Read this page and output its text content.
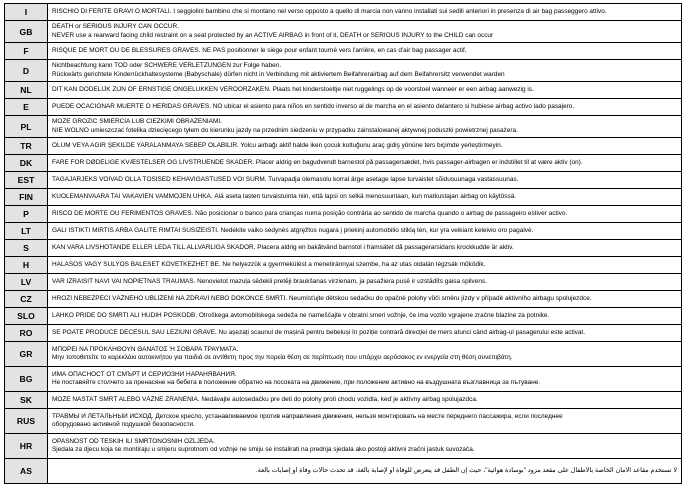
I	RISCHIO DI FERITE GRAVI O MORTALI. I seggiolini bambino che si montano nel verso opposto a quello di marcia non vanno installati sui sedili anteriori in presenza di air bag passeggero attivo.

GB	DEATH or SERIOUS INJURY CAN OCCUR.
NEVER use a rearward facing child restraint on a seat protected by an ACTIVE AIRBAG in front of it, DEATH or SERIOUS INJURY to the CHILD can occur

F	RISQUE DE MORT OU DE BLESSURES GRAVES. NE PAS positionner le siège pour enfant tourné vers l'arrière, en cas d'air bag passager actif.

D	Nichtbeachtung kann TOD oder SCHWERE VERLETZUNGEN zur Folge haben.
Rückwärts gerichtete Kinderrückhaltesysteme (Babyschale) dürfen nicht in Verbindung mit aktiviertem Beifahrerairbag auf dem Beifahrersitz verwendet warden

NL	DIT KAN DODELIJK ZIJN OF ERNSTIGE ONGELUKKEN VEROORZAKEN. Plaats het kinderstoeltje niet ruggelings op de voorstoel wanneer er een airbag aanwezig is.

E	PUEDE OCACIONAR MUERTE O HERIDAS GRAVES. NO ubicar el asiento para niños en sentido inverso al de marcha en el asiento delantero si hubiese airbag activo lado pasajero.

PL	MOŻE GROZIĆ ŚMIERCIA LUB CIEŻKIMI OBRAŻENIAMI.
NIE WOLNO umieszczać fotelika dziecięcego tyłem do kierunku jazdy na przednim siedzeniu w przypadku zainstalowanej aktywnej poduszki powietrznej pasażera.

TR	ÖLÜM VEYA AĞIR ŞEKİLDE YARALANMAYA SEBEP OLABİLİR. Yolcu airbağı aktif halde iken çocuk koltuğunu araç gidiş yönüne ters biçimde yerleştirmeyin.

DK	FARE FOR DØDELIGE KVÆSTELSER OG LIVSTRUENDE SKADER. Placer aldrig en bagudvendt barnestol på passagersædet, hvis passager-airbagen er indstillet til at være aktiv (on).

EST	TAGAJÄRJEKS VÕIVAD OLLA TÕSISED KEHAVIGASTUSED VÕI SURM. Turvapadja olemasolu korral ärge asetage lapse turvaistet sõidusuunaga vastassuunas.

FIN	KUOLEMANVAARA TAI VAKAVIEN VAMMOJEN UHKA. Älä aseta lasten turvaistuinta niin, että lapsi on selkä menosuuntaan, kun matkustajan airbag on käytössä.

P	RISCO DE MORTE OU FERIMENTOS GRAVES. Não posicionar o banco para crianças numa posição contrária ao sentido de marcha quando o airbag de passageiro estiver activo.

LT	GALI IŠTIKTI MIRTIS ARBA GALITE RIMTAI SUSIŽEISTI. Nedėkite vaiko sėdynės atgręžtos nugara į priekinį automobilio stiklą tėn, kur yra veikiant keleivio oro pagalvė.

S	KAN VARA LIVSHOTANDE ELLER LEDA TILL ALLVARLIGA SKADOR. Placera aldrig en bakåtvänd barnstol i framsätet då passagerarsidans krockkudde är aktiv.

H	HALÁSOS VAGY SÚLYOS BALESET KÖVETKEZHET BE. Ne helyezzük a gyermekülést a menetiránnyal szembe, ha az utas oldalán légzsák működik.

LV	VAR IZRAISĪT NĀVI VAI NOPIETNAS TRAUMAS. Nenovietot mazuļa sēdekli pretēji braukšanas virzienam, ja pasažiera pusē ir uzstādīts gaisa spilvens.

CZ	HROZÍ NEBEZPEČÍ VÁŽNÉHO UBLÍŽENÍ NA ZDRAVÍ NEBO DOKONCE SMRTI. Neumísťujte dětskou sedačku do opačné polohy vůči směru jízdy v případě aktivního airbagu spolujezdce.

SLO	LAHKO PRIDE DO SMRTI ALI HUDIH POŠKODB. Otroškega avtomobilskega sedeža ne nameščajte v obratni smeri vožnje, če ima vozilo vgrajene zračne blazine za potnike.

RO	SE POATE PRODUCE DECESUL SAU LEZIUNI GRAVE. Nu așezați scaunul de mașină pentru bebeluși în poziție contrară direcției de mers atunci când airbag-ul pasagerului este activat.

GR	ΜΠΟΡΕΙ ΝΑ ΠΡΟΚΛΗΘΟΥΝ ΘΑΝΑΤΟΣ Ή ΣΟΒΑΡΑ ΤΡΑΥΜΑΤΑ.
Μην τοποθετείτε το καρεκλάκι αυτοκινήτου για παιδιά σε αντίθετη προς την πορεία θέση σε περίπτωση που υπάρχει αερόσακος εν ενεργεία στη θέση συνεπιβάτη.

BG	ИМА ОПАСНОСТ ОТ СМЪРТ И СЕРИОЗНИ НАРАНЯВАНИЯ.
Не поставяйте столчето за пренасяне на бебета в положение обратно на посоката на движение, при положение активно на въздушната възглавница за пътуване.

SK	MÔŽE NASTAŤ SMRŤ ALEBO VÁŽNE ZRANENIA. Nedávajte autosedačku pre deti do polohy proti chodu vozidla, keď je aktívny airbag spolujazdca.

RUS	ТРАВМЫ И ЛЕТАЛЬНЫЙ ИСХОД. Детское кресло, устанавливаемое против направления движения, нельзя монтировать на месте переднего пассажира, если последнее
оборудовано активной подушкой безопасности.

HR	OPASNOST OD TEŠKIH ILI SMRTONOSNIH OZLJEDA.
Sjedala za djecu koja se montiraju u smjeru suprotnom od vožnje ne smiju se instalirati na prednja sjedala ako postoji aktivni zračni jastuk suvozača.

AS	لا تستخدم مقاعد الأمان الخاصة بالأطفال على مقعد مزود "بوسادة هوائية"، حيث إن الطفل قد يتعرض للوفاة أو لإصابة بالغة. قد تحدث حالات وفاة أو إصابات بالغة.
